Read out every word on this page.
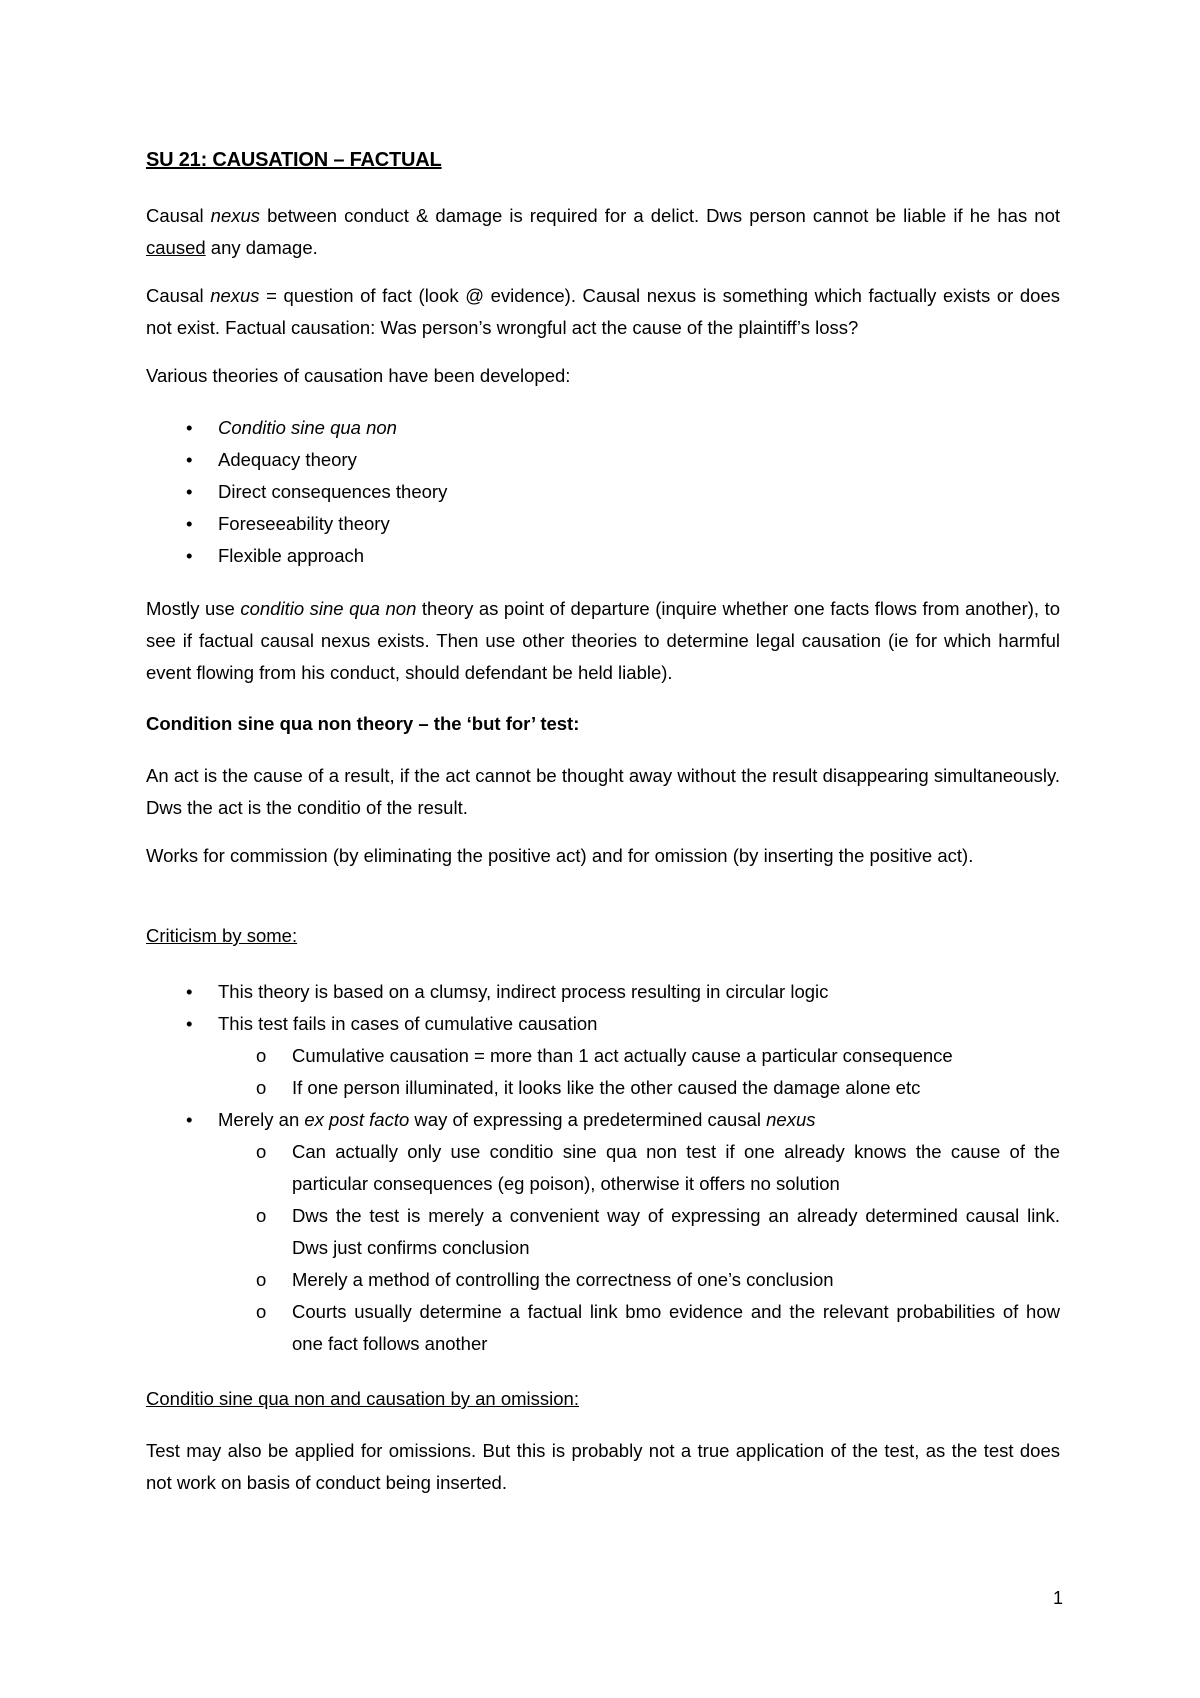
SU 21: CAUSATION – FACTUAL

Causal nexus between conduct & damage is required for a delict. Dws person cannot be liable if he has not caused any damage.

Causal nexus = question of fact (look @ evidence). Causal nexus is something which factually exists or does not exist. Factual causation: Was person’s wrongful act the cause of the plaintiff’s loss?

Various theories of causation have been developed:

• Conditio sine qua non
• Adequacy theory
• Direct consequences theory
• Foreseeability theory
• Flexible approach

Mostly use conditio sine qua non theory as point of departure (inquire whether one facts flows from another), to see if factual causal nexus exists. Then use other theories to determine legal causation (ie for which harmful event flowing from his conduct, should defendant be held liable).

Condition sine qua non theory – the ‘but for’ test:

An act is the cause of a result, if the act cannot be thought away without the result disappearing simultaneously. Dws the act is the conditio of the result.

Works for commission (by eliminating the positive act) and for omission (by inserting the positive act).

Criticism by some:

• This theory is based on a clumsy, indirect process resulting in circular logic
• This test fails in cases of cumulative causation
o Cumulative causation = more than 1 act actually cause a particular consequence
o If one person illuminated, it looks like the other caused the damage alone etc
• Merely an ex post facto way of expressing a predetermined causal nexus
o Can actually only use conditio sine qua non test if one already knows the cause of the particular consequences (eg poison), otherwise it offers no solution
o Dws the test is merely a convenient way of expressing an already determined causal link. Dws just confirms conclusion
o Merely a method of controlling the correctness of one’s conclusion
o Courts usually determine a factual link bmo evidence and the relevant probabilities of how one fact follows another

Conditio sine qua non and causation by an omission:

Test may also be applied for omissions. But this is probably not a true application of the test, as the test does not work on basis of conduct being inserted.

1
